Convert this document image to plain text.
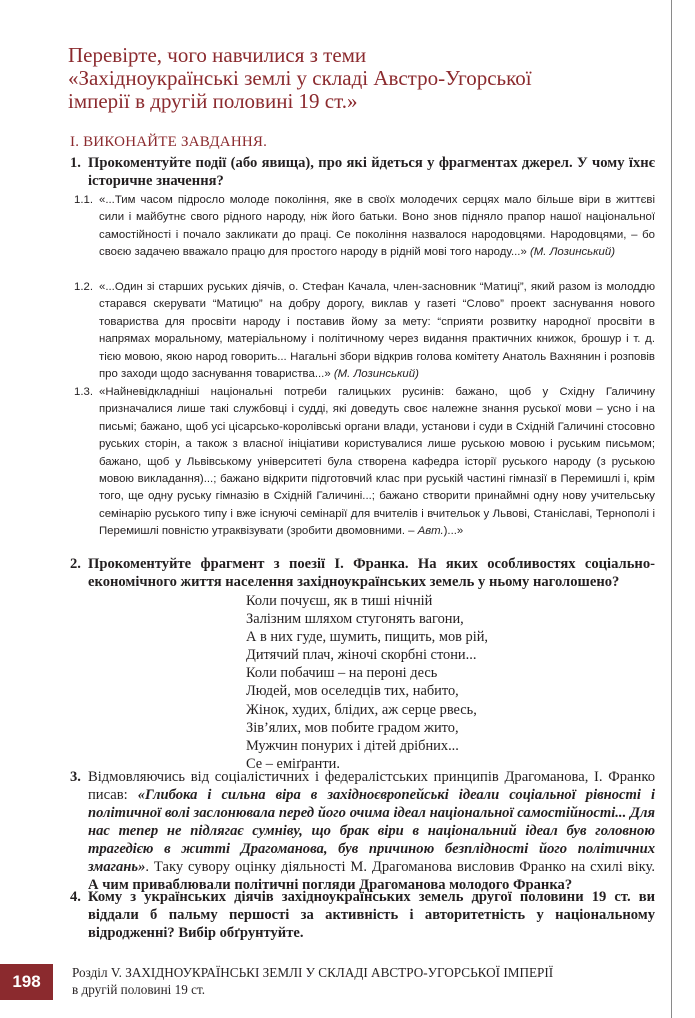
Перевірте, чого навчилися з теми
«Західноукраїнські землі у складі Австро-Угорської
імперії в другій половині 19 ст.»
I. ВИКОНАЙТЕ ЗАВДАННЯ.
1. Прокоментуйте події (або явища), про які йдеться у фрагментах джерел. У чому їхнє історичне значення?
1.1. «...Тим часом підросло молоде покоління, яке в своїх молодечих серцях мало більше віри в життєві сили і майбутнє свого рідного народу, ніж його батьки. Воно знов підняло прапор нашої національної самостійності і почало закликати до праці. Се покоління назвалося народовцями. Народовцями, – бо своєю задачею вважало працю для простого народу в рідній мові того народу...» (М. Лозинський)
1.2. «...Один зі старших руських діячів, о. Стефан Качала, член-засновник “Матиці”, який разом із молоддю старався скерувати “Матицю” на добру дорогу, виклав у газеті “Слово” проект заснування нового товариства для просвіти народу і поставив йому за мету: “сприяти розвитку народної просвіти в напрямах моральному, матеріальному і політичному через видання практичних книжок, брошур і т. д. тією мовою, якою народ говорить... Нагальні збори відкрив голова комітету Анатоль Вахнянин і розповів про заходи щодо заснування товариства...» (М. Лозинський)
1.3. «Найневідкладніші національні потреби галицьких русинів: бажано, щоб у Східну Галичину призначалися лише такі службовці і судді, які доведуть своє належне знання руської мови – усно і на письмі; бажано, щоб усі цісарсько-королівські органи влади, установи і суди в Східній Галичині стосовно руських сторін, а також з власної ініціативи користувалися лише руською мовою і руським письмом; бажано, щоб у Львівському університеті була створена кафедра історії руського народу (з руською мовою викладання)...; бажано відкрити підготовчий клас при руській частині гімназії в Перемишлі і, крім того, ще одну руську гімназію в Східній Галичині...; бажано створити принаймні одну нову учительську семінарію руського типу і вже існуючі семінарії для вчителів і вчительок у Львові, Станіславі, Тернополі і Перемишлі повністю утраквізувати (зробити двомовними. – Авт.)...»
2. Прокоментуйте фрагмент з поезії І. Франка. На яких особливостях соціально-економічного життя населення західноукраїнських земель у ньому наголошено?
Коли почуєш, як в тиші нічній
Залізним шляхом стугонять вагони,
А в них гуде, шумить, пищить, мов рій,
Дитячий плач, жіночі скорбні стони...
Коли побачиш – на пероні десь
Людей, мов оселедців тих, набито,
Жінок, худих, блідих, аж серце рвесь,
Зів’ялих, мов побите градом жито,
Мужчин понурих і дітей дрібних...
Се – еміґранти.
3. Відмовляючись від соціалістичних і федералістських принципів Драгоманова, І. Франко писав: «Глибока і сильна віра в західноєвропейські ідеали соціальної рівності і політичної волі заслонювала перед його очима ідеал національної самостійності... Для нас тепер не підлягає сумніву, що брак віри в національний ідеал був головною трагедією в житті Драгоманова, був причиною безплідності його політичних змагань». Таку сувору оцінку діяльності М. Драгоманова висловив Франко на схилі віку. А чим приваблювали політичні погляди Драгоманова молодого Франка?
4. Кому з українських діячів західноукраїнських земель другої половини 19 ст. ви віддали б пальму першості за активність і авторитетність у національному відродженні? Вибір обґрунтуйте.
198	Розділ V. ЗАХІДНОУКРАЇНСЬКІ ЗЕМЛІ У СКЛАДІ АВСТРО-УГОРСЬКОЇ ІМПЕРІЇ
в другій половині 19 ст.
